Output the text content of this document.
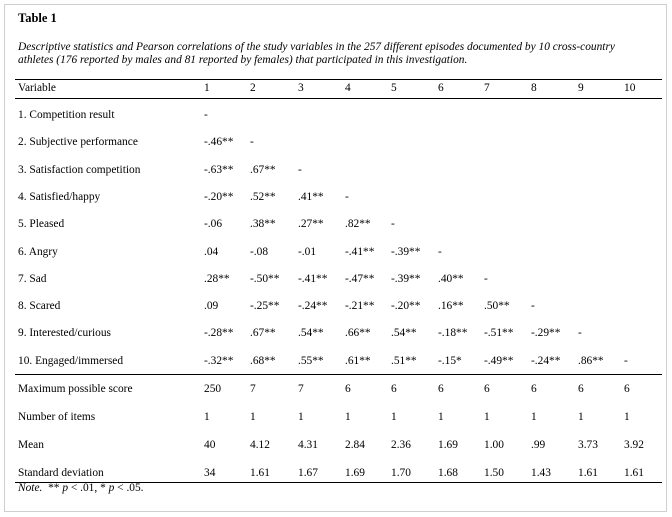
Table 1
Descriptive statistics and Pearson correlations of the study variables in the 257 different episodes documented by 10 cross-country athletes (176 reported by males and 81 reported by females) that participated in this investigation.
Variable	1	2	3	4	5	6	7	8	9	10
1. Competition result	-
2. Subjective performance	-.46** -
3. Satisfaction competition	-.63** .67** -
4. Satisfied/happy	-.20** .52** .41** -
5. Pleased	-.06 .38** .27** .82** -
6. Angry	.04	-.08	-.01	-.41** -.39** -
7. Sad	.28** -.50** -.41** -.47** -.39** .40** -
8. Scared	.09	-.25** -.24** -.21** -.20** .16** .50** -
9. Interested/curious	-.28** .67** .54** .66** .54** -.18** -.51** -.29** -
10. Engaged/immersed	-.32** .68** .55** .61** .51** -.15* -.49** -.24** .86** -
Maximum possible score	250	7	7	6	6	6	6	6	6	6
Number of items	1	1	1	1	1	1	1	1	1	1
Mean	40	4.12 4.31 2.84 2.36 1.69 1.00 .99	3.73 3.92
Standard deviation	34	1.61 1.67 1.69 1.70 1.68 1.50 1.43 1.61 1.61
Note.  ** p < .01, * p < .05.
